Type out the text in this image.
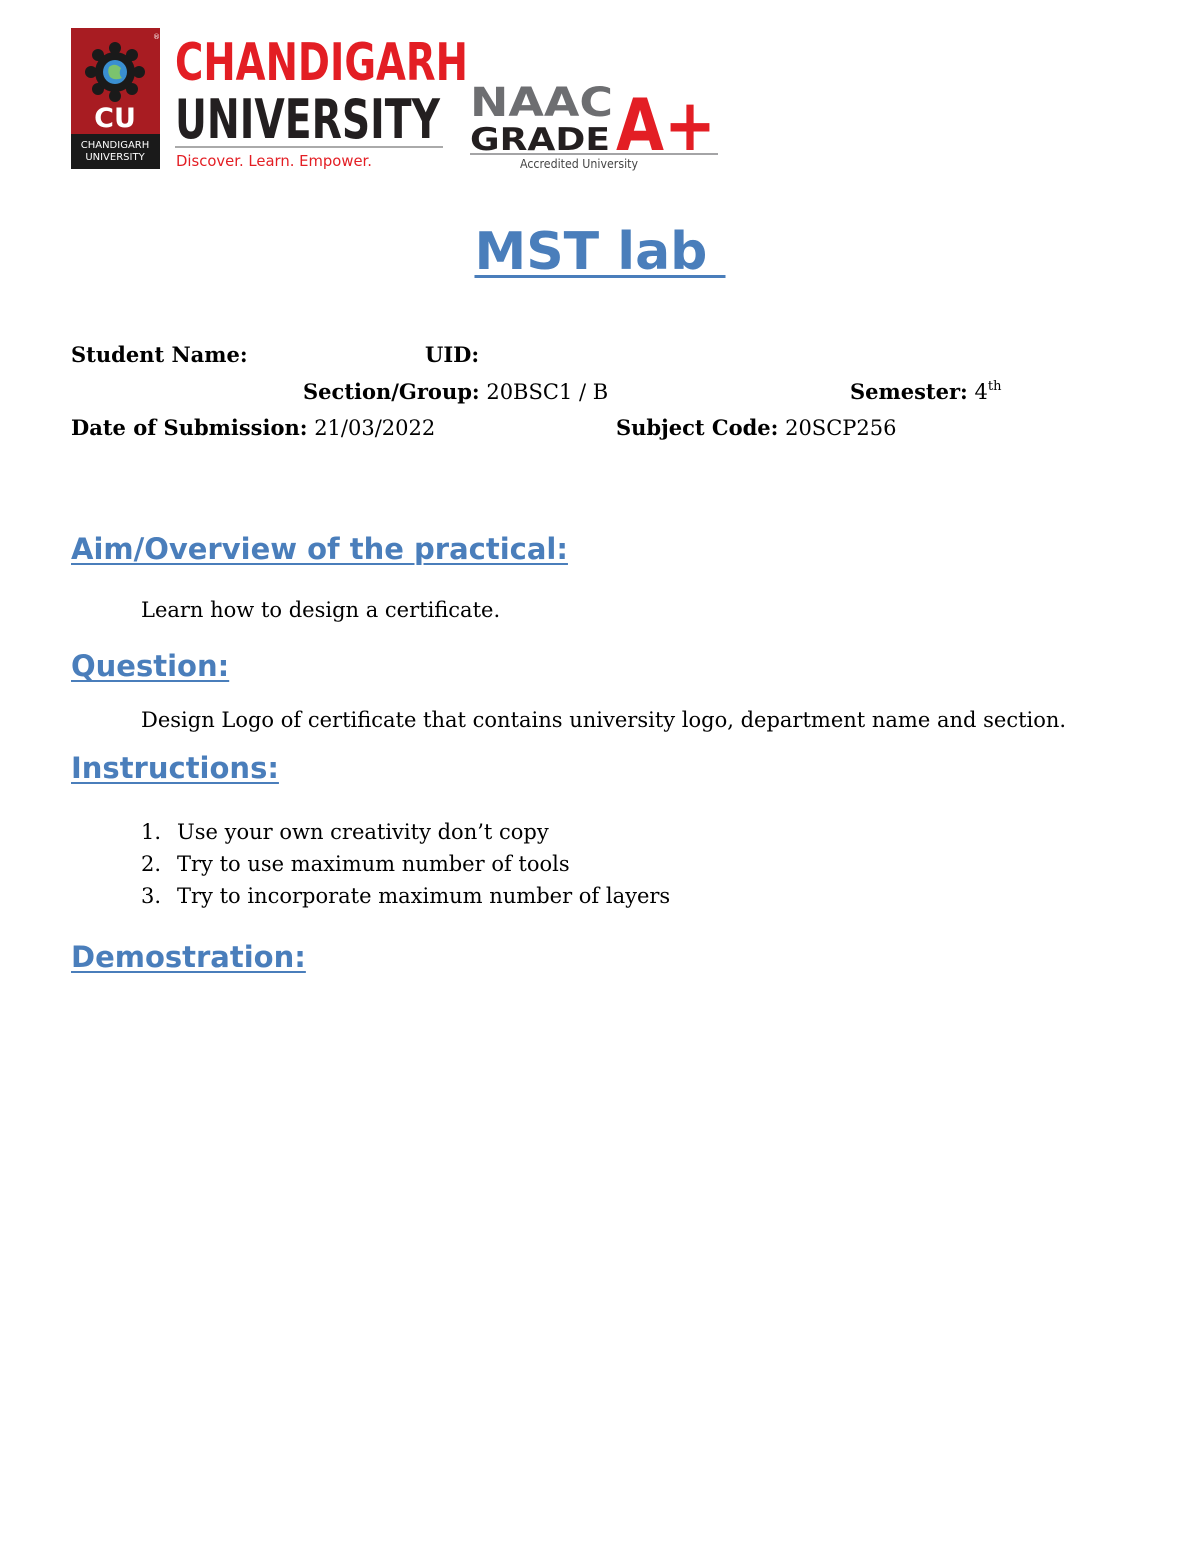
®
CU
CHANDIGARH
UNIVERSITY
CHANDIGARH
UNIVERSITY
Discover. Learn. Empower.
NAAC
GRADE A+
Accredited University
MST lab
Student Name:	UID:
Section/Group: 20BSC1 / B	Semester: 4th
Date of Submission: 21/03/2022	Subject Code: 20SCP256
Aim/Overview of the practical:
Learn how to design a certificate.
Question:
Design Logo of certificate that contains university logo, department name and section.
Instructions:
1. Use your own creativity don’t copy
2. Try to use maximum number of tools
3. Try to incorporate maximum number of layers
Demostration:
